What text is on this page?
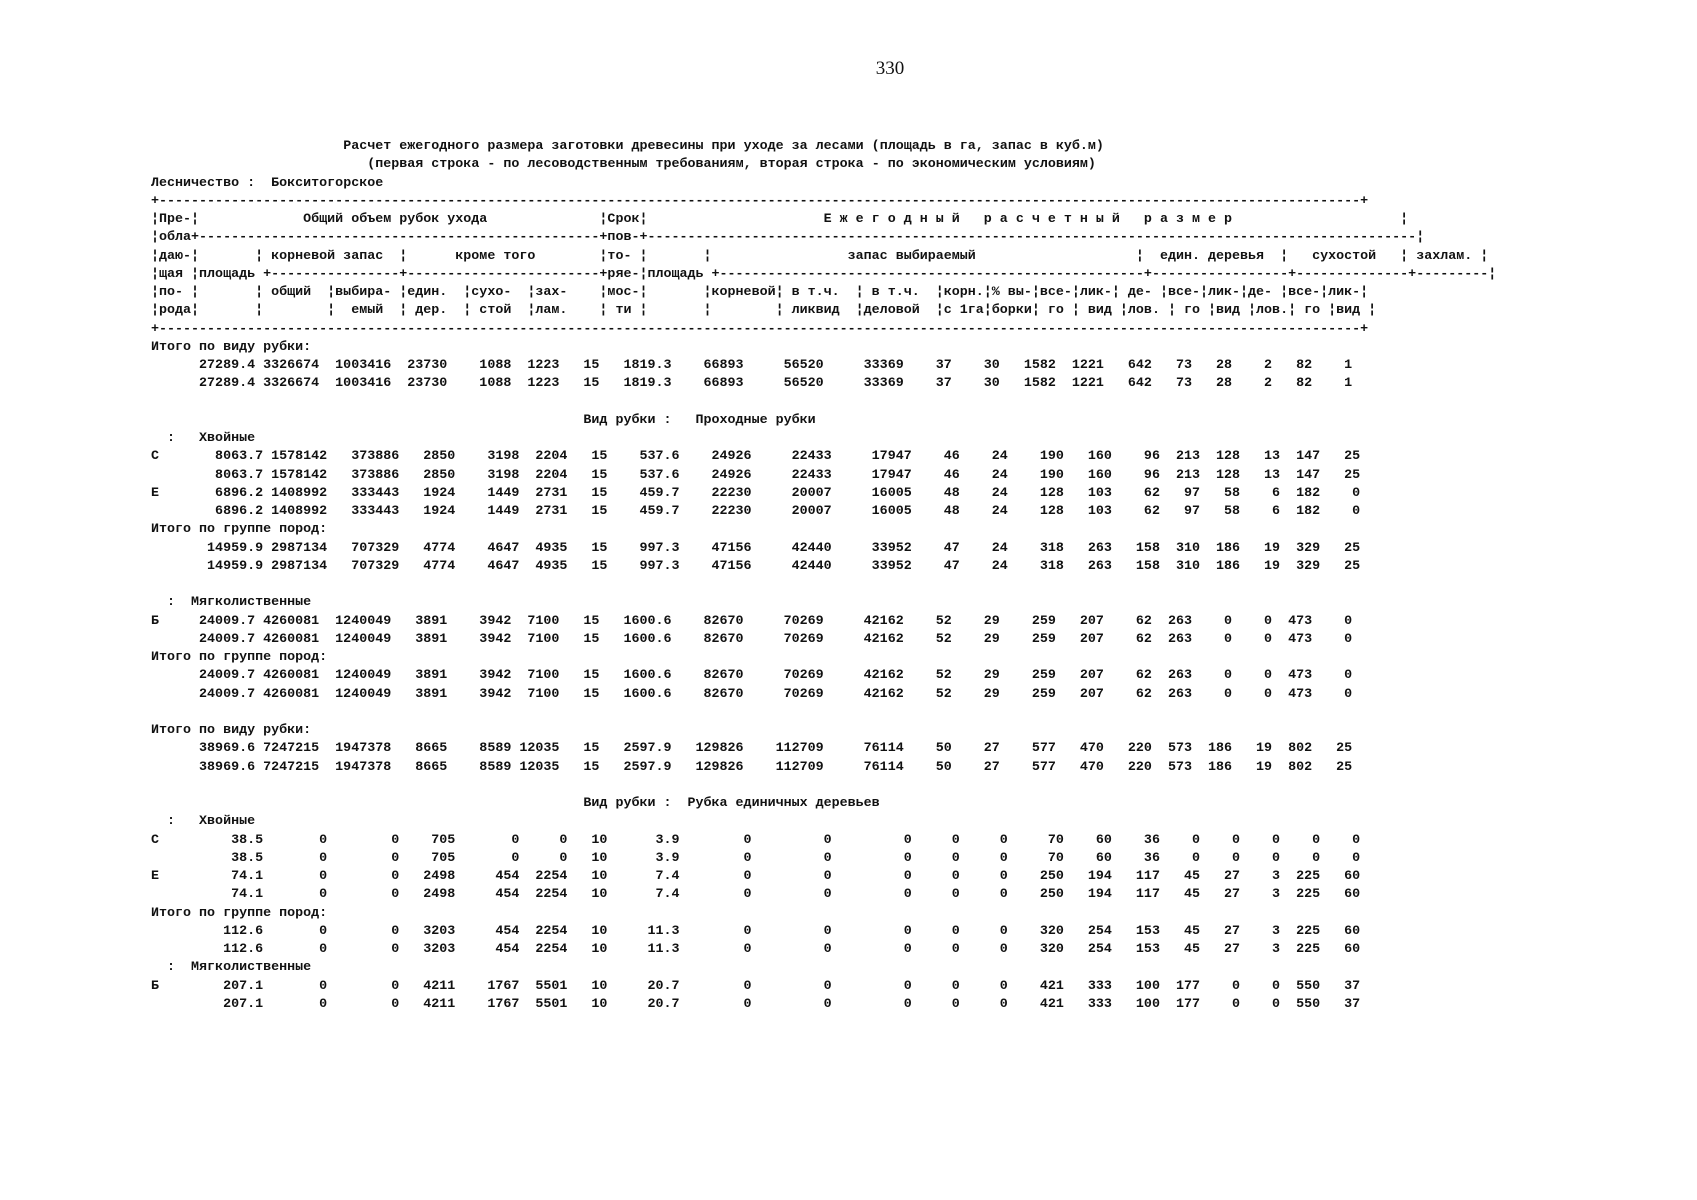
330
Расчет ежегодного размера заготовки древесины при уходе за лесами (площадь в га, запас в куб.м)
(первая строка - по лесоводственным требованиям, вторая строка - по экономическим условиям)
Лесничество : Бокситогорское
+------------------------------------------------------------------------------------------------------------------------------------------------------+
¦Пре-¦             Общий объем рубок ухода              ¦Срок¦                      Е ж е г о д н ы й   р а с ч е т н ы й   р а з м е р                     ¦
¦обла+--------------------------------------------------+пов-+------------------------------------------------------------------------------------------------¦
¦даю-¦       ¦ корневой запас  ¦      кроме того        ¦то- ¦       ¦                 запас выбираемый                    ¦  един. деревья  ¦   сухостой   ¦ захлам. ¦
¦щая ¦площадь +----------------+------------------------+ряе-¦площадь +-----------------------------------------------------+-----------------+--------------+---------¦
¦по- ¦       ¦ общий  ¦выбира- ¦един.  ¦сухо-  ¦зах-    ¦мос-¦       ¦корневой¦ в т.ч.  ¦ в т.ч.  ¦корн.¦% вы-¦все-¦лик-¦ де- ¦все-¦лик-¦де- ¦все-¦лик-¦
¦рода¦       ¦        ¦  емый  ¦ дер.  ¦ стой  ¦лам.    ¦ ти ¦       ¦        ¦ ликвид  ¦деловой  ¦с 1га¦борки¦ го ¦ вид ¦лов. ¦ го ¦вид ¦лов.¦ го ¦вид ¦
+------------------------------------------------------------------------------------------------------------------------------------------------------+
Итого по виду рубки:
27289.4 3326674  1003416  23730    1088  1223   15   1819.3    66893     56520     33369    37    30   1582  1221   642   73   28    2   82    1
27289.4 3326674  1003416  23730    1088  1223   15   1819.3    66893     56520     33369    37    30   1582  1221   642   73   28    2   82    1

Вид рубки :   Проходные рубки
:   Хвойные
С       8063.7 1578142   373886   2850    3198  2204   15    537.6    24926     22433     17947    46    24    190   160    96  213  128   13  147   25
8063.7 1578142   373886   2850    3198  2204   15    537.6    24926     22433     17947    46    24    190   160    96  213  128   13  147   25
Е       6896.2 1408992   333443   1924    1449  2731   15    459.7    22230     20007     16005    48    24    128   103    62   97   58    6  182    0
6896.2 1408992   333443   1924    1449  2731   15    459.7    22230     20007     16005    48    24    128   103    62   97   58    6  182    0
Итого по группе пород:
14959.9 2987134   707329   4774    4647  4935   15    997.3    47156     42440     33952    47    24    318   263   158  310  186   19  329   25
14959.9 2987134   707329   4774    4647  4935   15    997.3    47156     42440     33952    47    24    318   263   158  310  186   19  329   25

:  Мягколиственные
Б     24009.7 4260081  1240049   3891    3942  7100   15   1600.6    82670     70269     42162    52    29    259   207    62  263    0    0  473    0
24009.7 4260081  1240049   3891    3942  7100   15   1600.6    82670     70269     42162    52    29    259   207    62  263    0    0  473    0
Итого по группе пород:
24009.7 4260081  1240049   3891    3942  7100   15   1600.6    82670     70269     42162    52    29    259   207    62  263    0    0  473    0
24009.7 4260081  1240049   3891    3942  7100   15   1600.6    82670     70269     42162    52    29    259   207    62  263    0    0  473    0

Итого по виду рубки:
38969.6 7247215  1947378   8665    8589 12035   15   2597.9   129826    112709     76114    50    27    577   470   220  573  186   19  802   25
38969.6 7247215  1947378   8665    8589 12035   15   2597.9   129826    112709     76114    50    27    577   470   220  573  186   19  802   25

Вид рубки :  Рубка единичных деревьев
:   Хвойные
С         38.5       0        0    705       0     0   10      3.9        0         0         0     0     0     70    60    36    0    0    0    0    0
38.5       0        0    705       0     0   10      3.9        0         0         0     0     0     70    60    36    0    0    0    0    0
Е         74.1       0        0   2498     454  2254   10      7.4        0         0         0     0     0    250   194   117   45   27    3  225   60
74.1       0        0   2498     454  2254   10      7.4        0         0         0     0     0    250   194   117   45   27    3  225   60
Итого по группе пород:
112.6       0        0   3203     454  2254   10     11.3        0         0         0     0     0    320   254   153   45   27    3  225   60
112.6       0        0   3203     454  2254   10     11.3        0         0         0     0     0    320   254   153   45   27    3  225   60
:  Мягколиственные
Б        207.1       0        0   4211    1767  5501   10     20.7        0         0         0     0     0    421   333   100  177    0    0  550   37
207.1       0        0   4211    1767  5501   10     20.7        0         0         0     0     0    421   333   100  177    0    0  550   37
